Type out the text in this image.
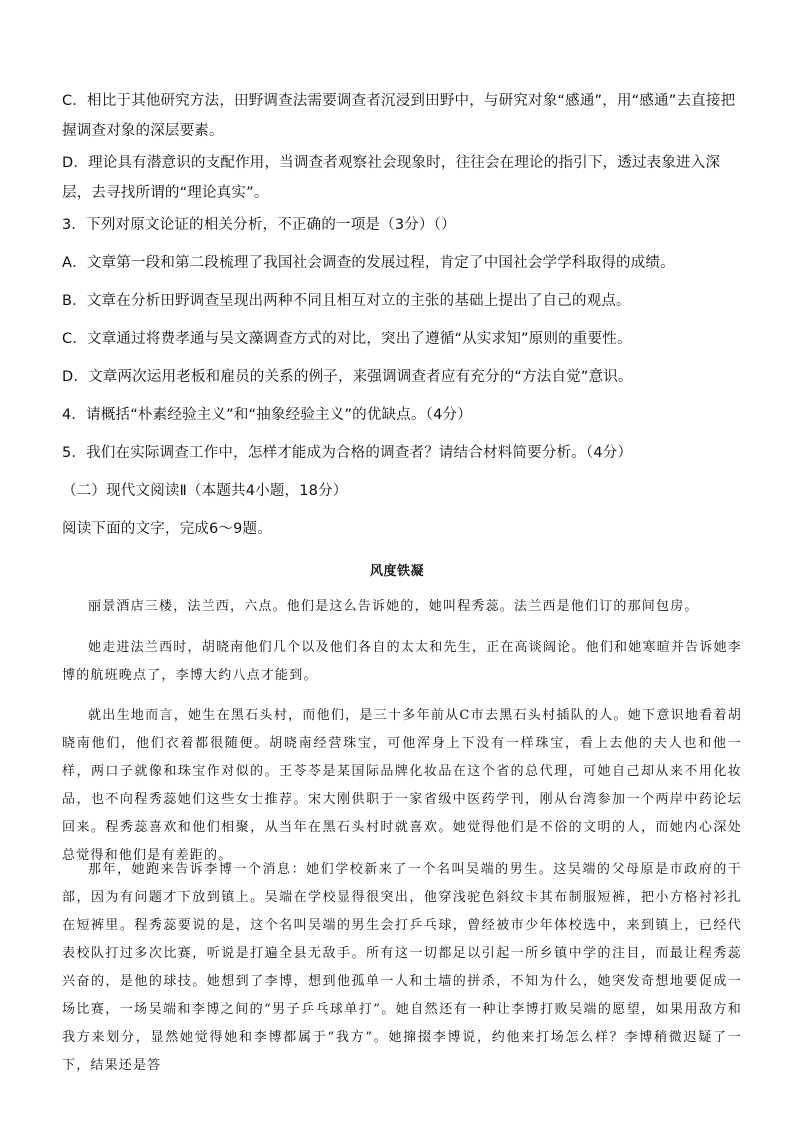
C．相比于其他研究方法，田野调查法需要调查者沉浸到田野中，与研究对象“感通”，用“感通”去直接把握调查对象的深层要素。
D．理论具有潜意识的支配作用，当调查者观察社会现象时，往往会在理论的指引下，透过表象进入深层，去寻找所谓的“理论真实”。
3．下列对原文论证的相关分析，不正确的一项是（3分）（）
A．文章第一段和第二段梳理了我国社会调查的发展过程，肯定了中国社会学学科取得的成绩。
B．文章在分析田野调查呈现出两种不同且相互对立的主张的基础上提出了自己的观点。
C．文章通过将费孝通与吴文藻调查方式的对比，突出了遵循“从实求知”原则的重要性。
D．文章两次运用老板和雇员的关系的例子，来强调调查者应有充分的“方法自觉”意识。
4．请概括“朴素经验主义”和“抽象经验主义”的优缺点。（4分）
5．我们在实际调查工作中，怎样才能成为合格的调查者？请结合材料简要分析。（4分）
（二）现代文阅读Ⅱ（本题共4小题，18分）
阅读下面的文字，完成6～9题。
风度铁凝
丽景酒店三楼，法兰西，六点。他们是这么告诉她的，她叫程秀蕊。法兰西是他们订的那间包房。
她走进法兰西时，胡晓南他们几个以及他们各自的太太和先生，正在高谈阔论。他们和她寒暄并告诉她李博的航班晚点了，李博大约八点才能到。
就出生地而言，她生在黑石头村，而他们，是三十多年前从C市去黑石头村插队的人。她下意识地看着胡晓南他们，他们衣着都很随便。胡晓南经营珠宝，可他浑身上下没有一样珠宝，看上去他的夫人也和他一样，两口子就像和珠宝作对似的。王苓苓是某国际品牌化妆品在这个省的总代理，可她自己却从来不用化妆品，也不向程秀蕊她们这些女士推荐。宋大刚供职于一家省级中医药学刊，刚从台湾参加一个两岸中药论坛回来。程秀蕊喜欢和他们相聚，从当年在黑石头村时就喜欢。她觉得他们是不俗的文明的人，而她内心深处总觉得和他们是有差距的。
那年，她跑来告诉李博一个消息：她们学校新来了一个名叫吴端的男生。这吴端的父母原是市政府的干部，因为有问题才下放到镇上。吴端在学校显得很突出，他穿浅驼色斜纹卡其布制服短裤，把小方格衬衫扎在短裤里。程秀蕊要说的是，这个名叫吴端的男生会打乒乓球，曾经被市少年体校选中，来到镇上，已经代表校队打过多次比赛，听说是打遍全县无敌手。所有这一切都足以引起一所乡镇中学的注目，而最让程秀蕊兴奋的，是他的球技。她想到了李博，想到他孤单一人和土墙的拼杀，不知为什么，她突发奇想地要促成一场比赛，一场吴端和李博之间的“男子乒乓球单打”。她自然还有一种让李博打败吴端的愿望，如果用敌方和我方来划分，显然她觉得她和李博都属于“我方”。她撺掇李博说，约他来打场怎么样？李博稍微迟疑了一下，结果还是答
